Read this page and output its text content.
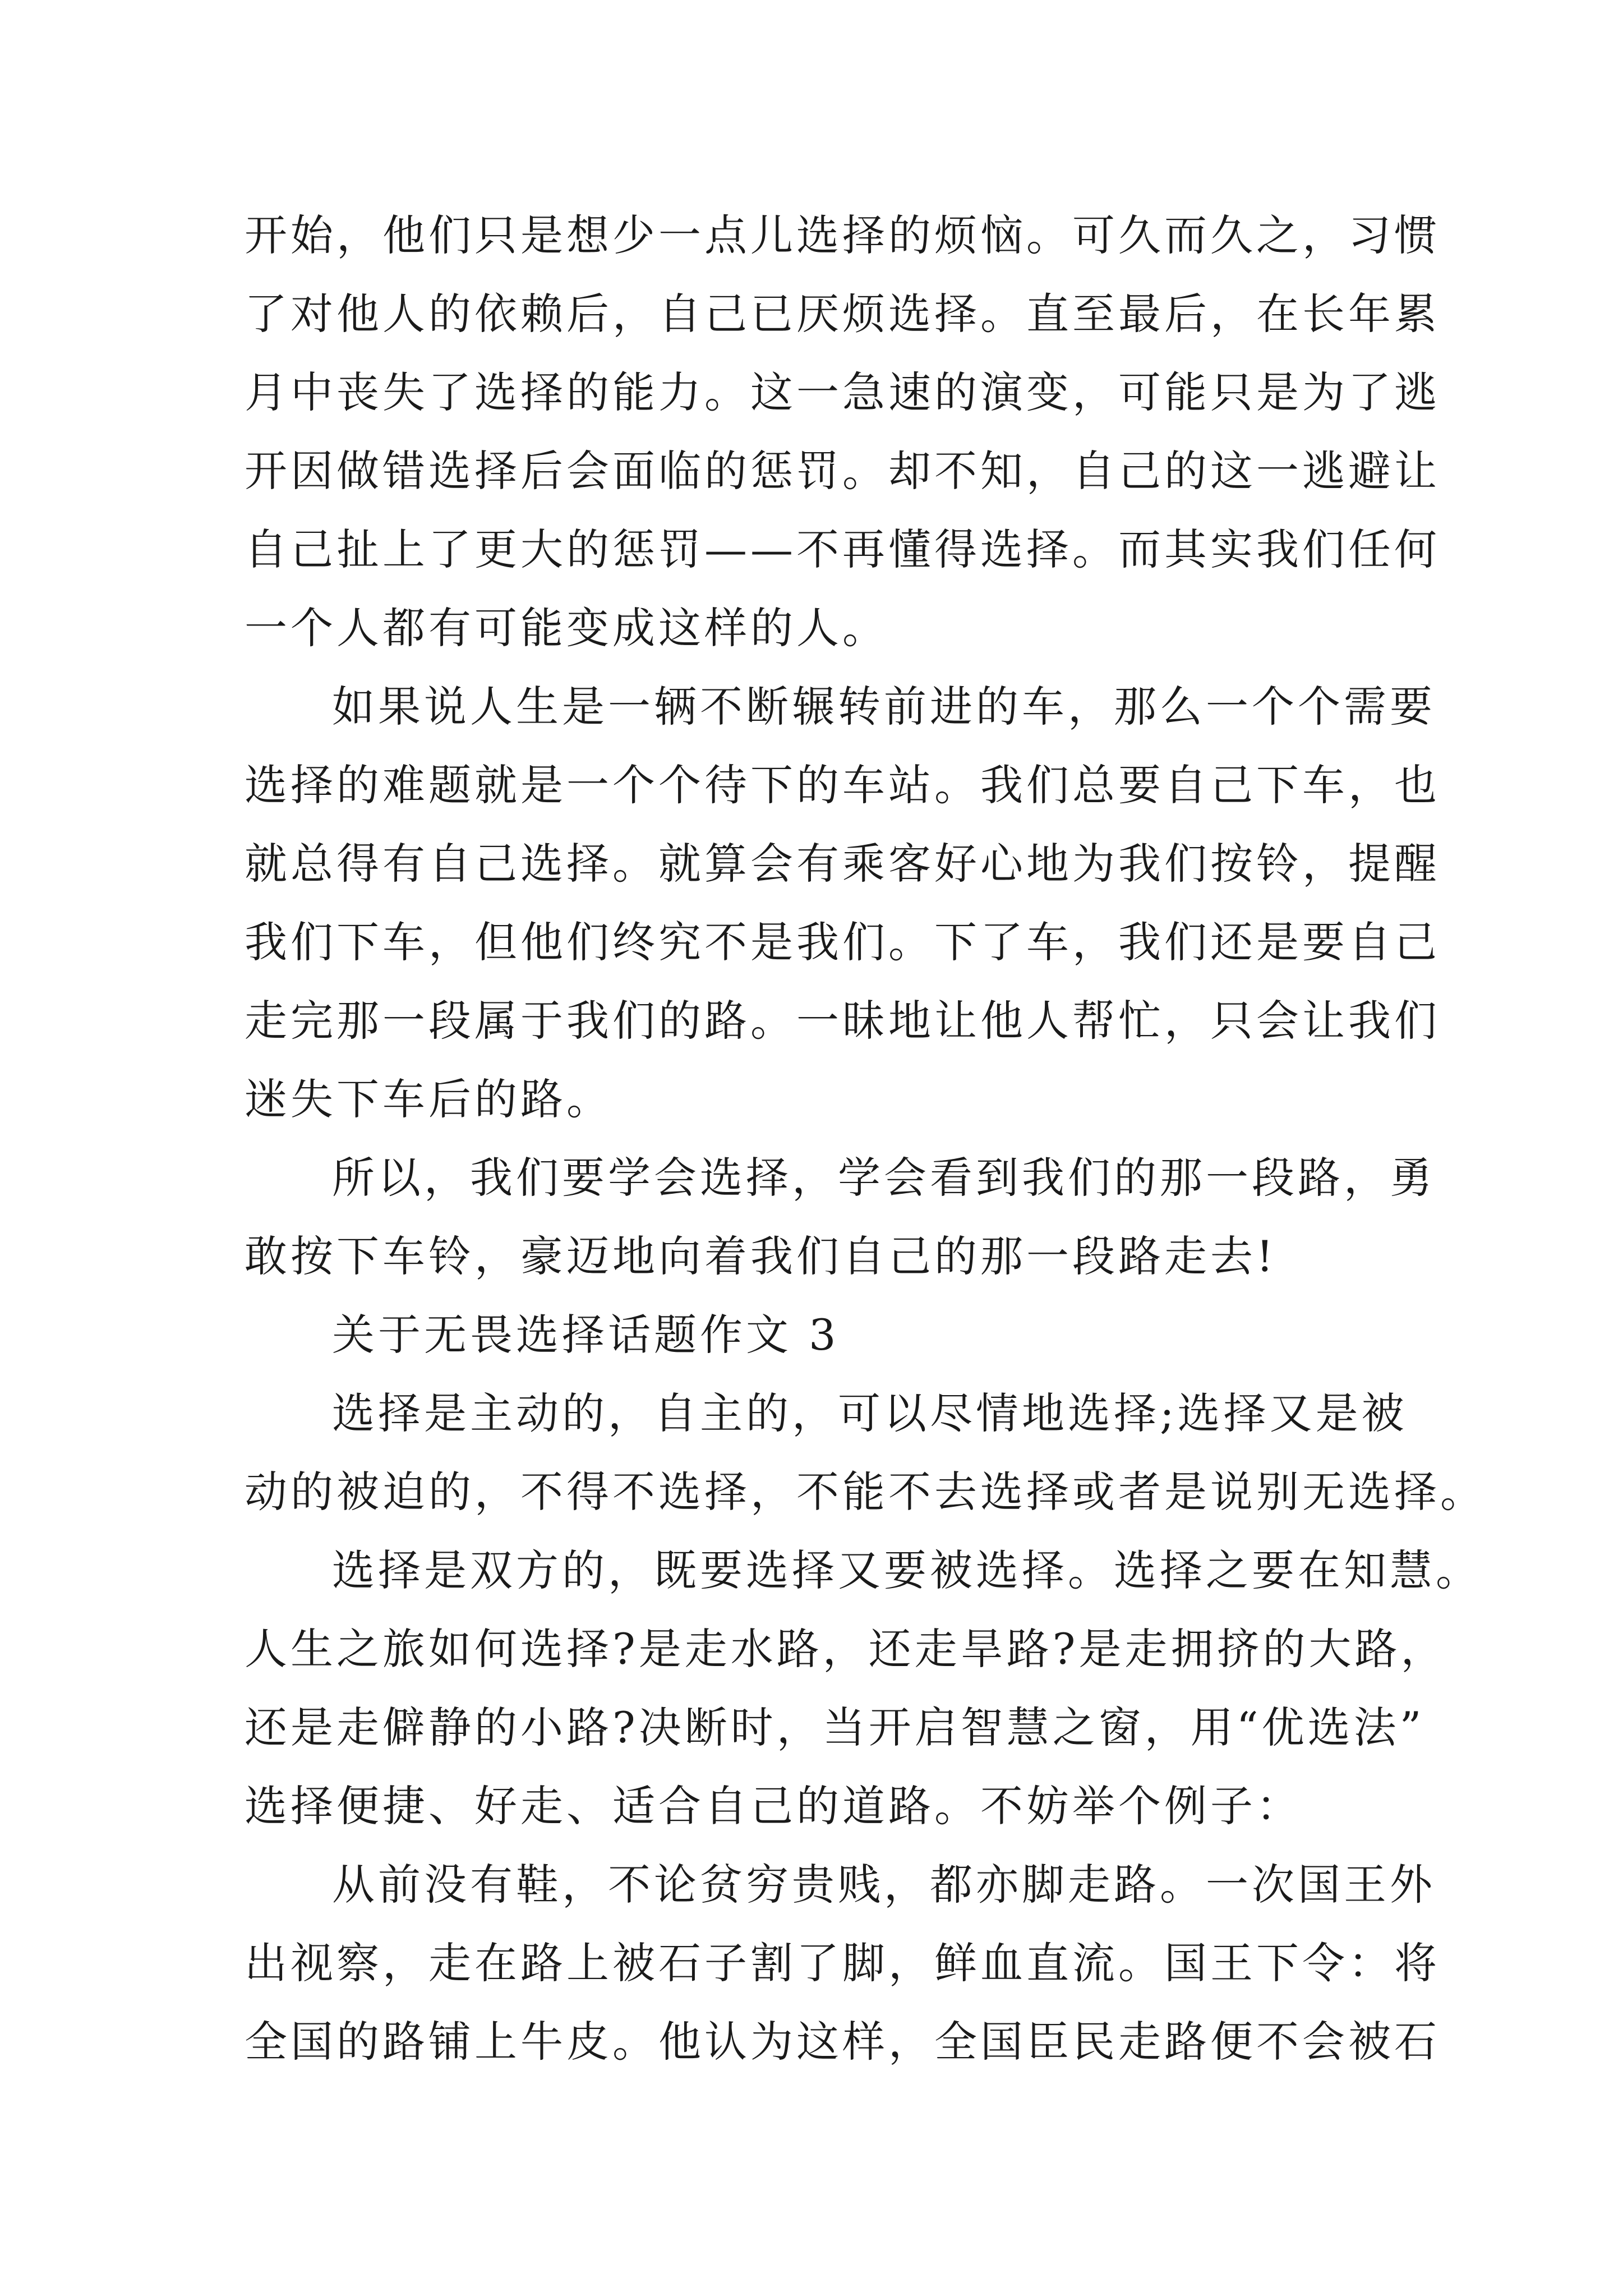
开始，他们只是想少一点儿选择的烦恼。可久而久之，习惯
了对他人的依赖后，自己已厌烦选择。直至最后，在长年累
月中丧失了选择的能力。这一急速的演变，可能只是为了逃
开因做错选择后会面临的惩罚。却不知，自己的这一逃避让
自己扯上了更大的惩罚——不再懂得选择。而其实我们任何
一个人都有可能变成这样的人。
如果说人生是一辆不断辗转前进的车，那么一个个需要
选择的难题就是一个个待下的车站。我们总要自己下车，也
就总得有自己选择。就算会有乘客好心地为我们按铃，提醒
我们下车，但他们终究不是我们。下了车，我们还是要自己
走完那一段属于我们的路。一昧地让他人帮忙，只会让我们
迷失下车后的路。
所以，我们要学会选择，学会看到我们的那一段路，勇
敢按下车铃，豪迈地向着我们自己的那一段路走去!
关于无畏选择话题作文 3
选择是主动的，自主的，可以尽情地选择;选择又是被
动的被迫的，不得不选择，不能不去选择或者是说别无选择。
选择是双方的，既要选择又要被选择。选择之要在知慧。
人生之旅如何选择?是走水路，还走旱路?是走拥挤的大路，
还是走僻静的小路?决断时，当开启智慧之窗，用“优选法”
选择便捷、好走、适合自己的道路。不妨举个例子：
从前没有鞋，不论贫穷贵贱，都亦脚走路。一次国王外
出视察，走在路上被石子割了脚，鲜血直流。国王下令：将
全国的路铺上牛皮。他认为这样，全国臣民走路便不会被石
